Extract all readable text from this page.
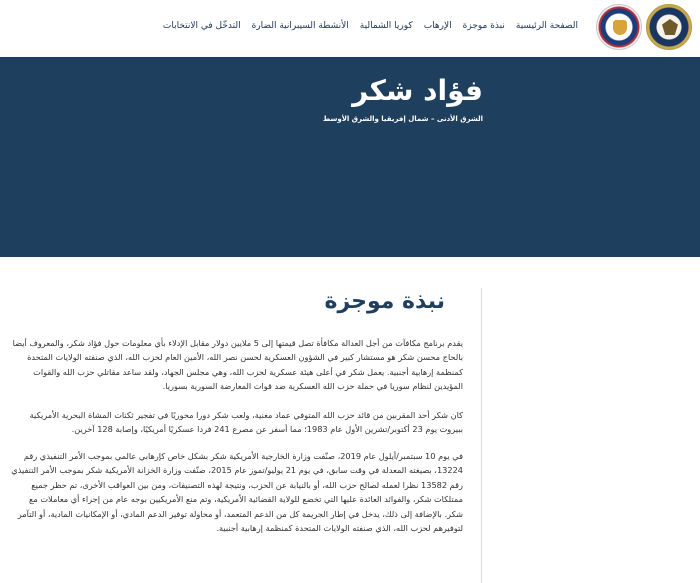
الصفحة الرئيسية
نبذة موجزة
الإرهاب
كوريا الشمالية
الأنشطة السيبرانية الضارة
التدخّل في الانتخابات
فؤاد شكر
الشرق الأدنى – شمال إفريقيا والشرق الأوسط
نبذة موجزة

يقدم برنامج مكافآت من أجل العدالة مكافأة تصل قيمتها إلى 5 ملايين دولار مقابل الإدلاء بأي معلومات حول فؤاد شكر، والمعروف أيضا بالحاج محسن شكر هو مستشار كبير في الشؤون العسكرية لحسن نصر الله، الأمين العام لحزب الله، الذي صنفته الولايات المتحدة كمنظمة إرهابية أجنبية. يعمل شكر في أعلى هيئة عسكرية لحزب الله، وهي مجلس الجهاد، ولقد ساعد مقاتلي حزب الله والقوات المؤيدين لنظام سوريا في حملة حزب الله العسكرية ضد قوات المعارضة السورية بسوريا.

كان شكر أحد المقربين من قائد حزب الله المتوفي عماد مغنية، ولعب شكر دورا محوريًا في تفجير ثكنات المشاة البحرية الأمريكية ببيروت يوم 23 أكتوبر/تشرين الأول عام 1983؛ مما أسفر عن مصرع 241 فردا عسكريًا أمريكيًا، وإصابة 128 آخرين.

في يوم 10 سبتمبر/أيلول عام 2019، صنّفت وزارة الخارجية الأمريكية شكر بشكل خاص كإرهابي عالمي بموجب الأمر التنفيذي رقم 13224، بصيغته المعدلة في وقت سابق، في يوم 21 يوليو/تموز عام 2015، صنّفت وزارة الخزانة الأمريكية شكر بموجب الأمر التنفيذي رقم 13582 نظرا لعمله لصالح حزب الله، أو بالنيابة عن الحزب، ونتيجة لهذه التصنيفات، ومن بين العواقب الأخرى، تم حظر جميع ممتلكات شكر، والفوائد العائدة عليها التي تخضع للولاية القضائية الأمريكية، وتم منع الأمريكيين بوجه عام من إجراء أي معاملات مع شكر. بالإضافة إلى ذلك، يدخل في إطار الجريمة كل من الدعم المتعمد، أو محاولة توفير الدعم المادي، أو الإمكانيات المادية، أو التآمر لتوفيرهم لحزب الله، الذي صنفته الولايات المتحدة كمنظمة إرهابية أجنبية.
